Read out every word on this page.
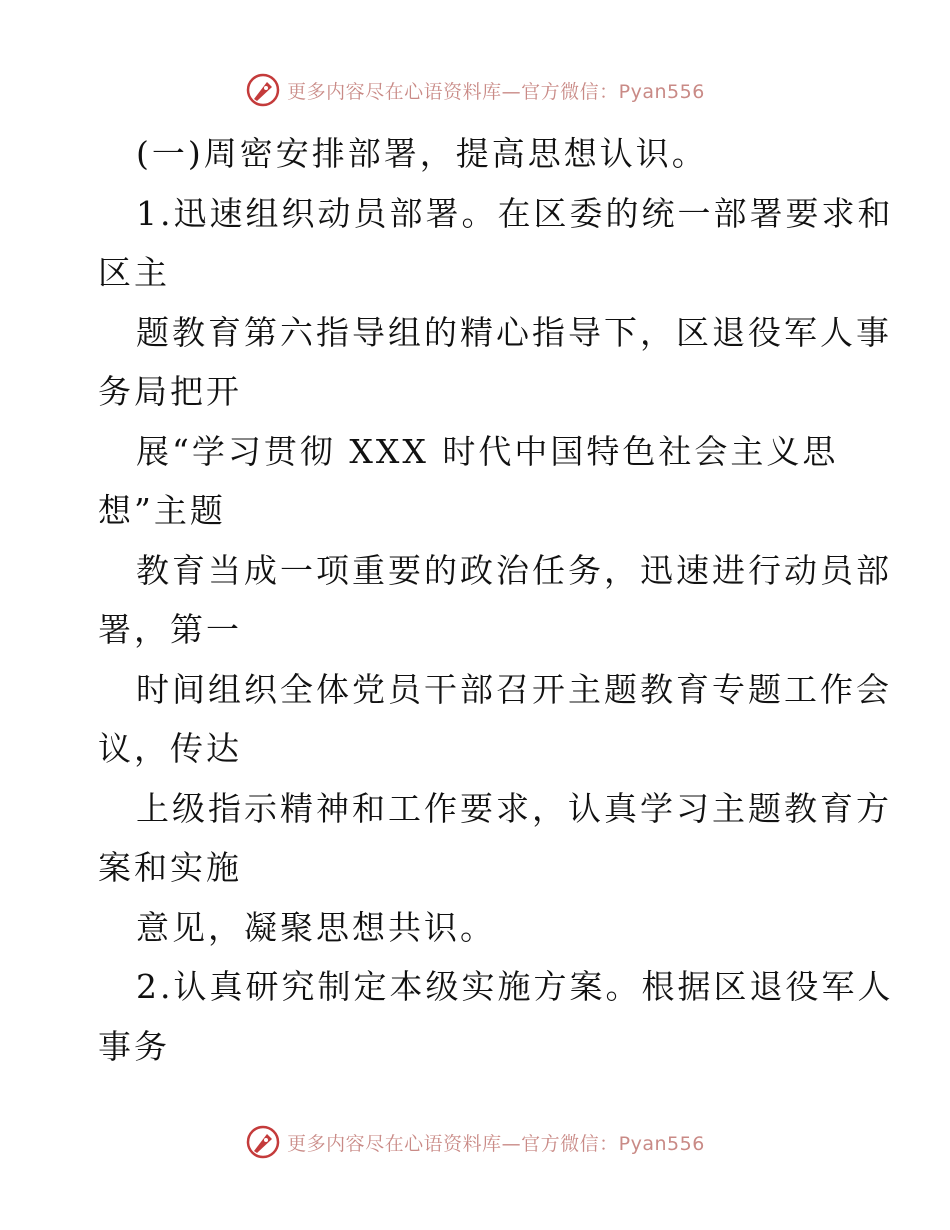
更多内容尽在心语资料库—官方微信：Pyan556
(一)周密安排部署，提高思想认识。
1.迅速组织动员部署。在区委的统一部署要求和
区主
题教育第六指导组的精心指导下，区退役军人事
务局把开
展“学习贯彻 XXX 时代中国特色社会主义思
想”主题
教育当成一项重要的政治任务，迅速进行动员部
署，第一
时间组织全体党员干部召开主题教育专题工作会
议，传达
上级指示精神和工作要求，认真学习主题教育方
案和实施
意见，凝聚思想共识。
2.认真研究制定本级实施方案。根据区退役军人
事务
更多内容尽在心语资料库—官方微信：Pyan556
